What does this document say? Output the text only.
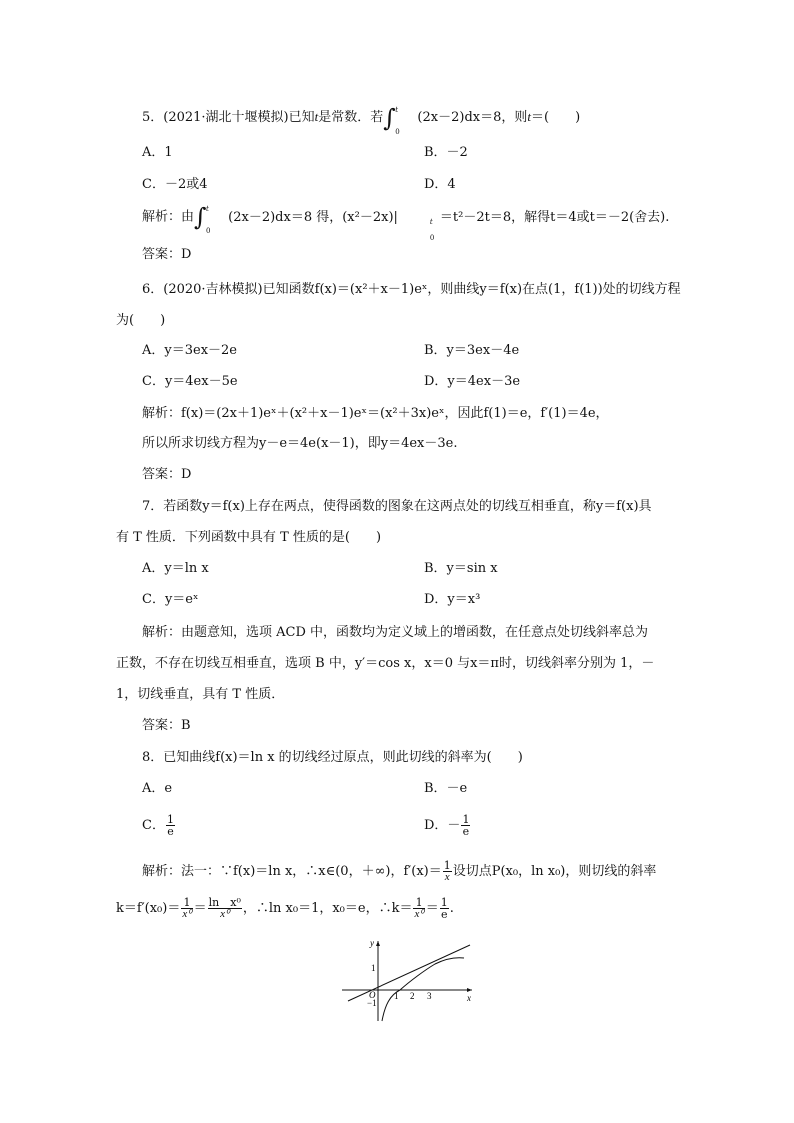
5．(2021·湖北十堰模拟)已知t是常数．若∫ t
0
(2x－2)dx＝8，则t＝(　　)
A．1	B．－2
C．－2或4	D．4
解析：由∫ t
0
(2x－2)dx＝8 得，(x²－2x)|	t
0
＝t²－2t＝8，解得t＝4或t＝－2(舍去).
答案：D
6．(2020·吉林模拟)已知函数f(x)＝(x²＋x－1)eˣ，则曲线y＝f(x)在点(1，f(1))处的切线方程
为(　　)
A．y＝3ex－2e	B．y＝3ex－4e
C．y＝4ex－5e	D．y＝4ex－3e
解析：f(x)＝(2x＋1)eˣ＋(x²＋x－1)eˣ＝(x²＋3x)eˣ，因此f(1)＝e，f′(1)＝4e，
所以所求切线方程为y－e＝4e(x－1)，即y＝4ex－3e.
答案：D
7．若函数y＝f(x)上存在两点，使得函数的图象在这两点处的切线互相垂直，称y＝f(x)具
有 T 性质．下列函数中具有 T 性质的是(　　)
A．y＝ln x	B．y＝sin x
C．y＝eˣ	D．y＝x³
解析：由题意知，选项 ACD 中，函数均为定义域上的增函数，在任意点处切线斜率总为
正数，不存在切线互相垂直，选项 B 中，y′＝cos x，x＝0 与x＝π时，切线斜率分别为 1，－
1，切线垂直，具有 T 性质．
答案：B
8．已知曲线f(x)＝ln x 的切线经过原点，则此切线的斜率为(　　)
A．e	B．－e
C． $\frac{1}{e}$	D．－ $\frac{1}{e}$
解析：法一：∵f(x)＝ln x，∴x∈(0，＋∞)，$f'(x)= \frac{1}{x}$ 设切点P(x₀，ln x₀)，则切线的斜率
$k=f'(x_0)= \frac{1}{\text{x⁰}} = \frac{\text{ln　x⁰}}{\text{x⁰}}$ ，∴ln x₀＝1，x₀＝e，∴k＝ $\frac{1}{\text{x⁰}} = \frac{1}{e}$ .
y
x
O
1
−1
1 2 3
